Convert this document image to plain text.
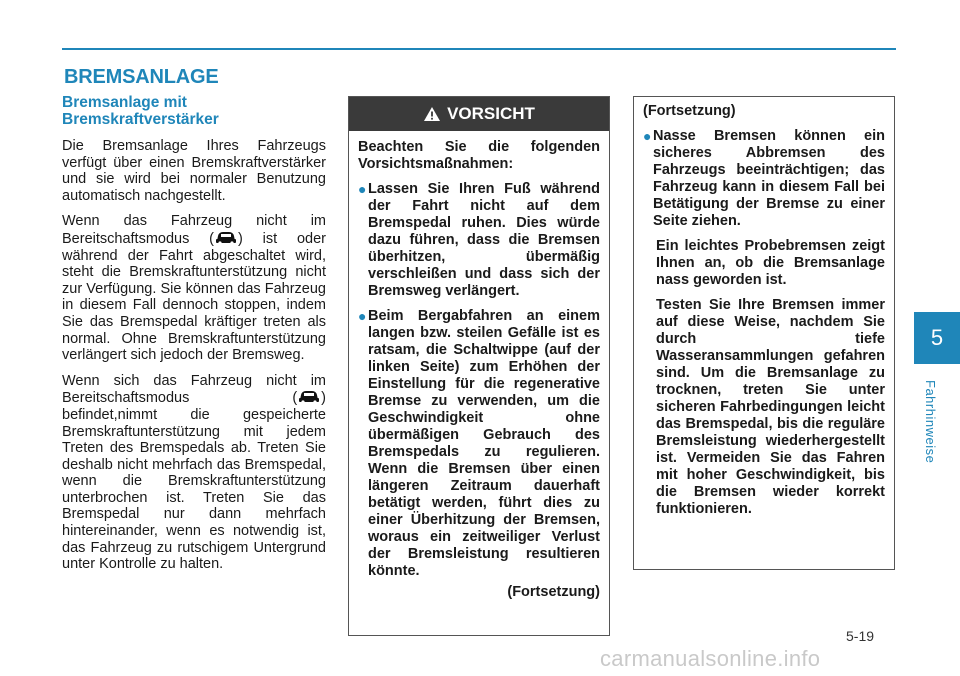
BREMSANLAGE
Bremsanlage mit Bremskraftverstärker

Die Bremsanlage Ihres Fahrzeugs verfügt über einen Bremskraftverstärker und sie wird bei normaler Benutzung automatisch nachgestellt.

Wenn das Fahrzeug nicht im Bereitschaftsmodus ( ) ist oder während der Fahrt abgeschaltet wird, steht die Bremskraftunterstützung nicht zur Verfügung. Sie können das Fahrzeug in diesem Fall dennoch stoppen, indem Sie das Bremspedal kräftiger treten als normal. Ohne Bremskraftunterstützung verlängert sich jedoch der Bremsweg.

Wenn sich das Fahrzeug nicht im Bereitschaftsmodus ( ) befindet,nimmt die gespeicherte Bremskraftunterstützung mit jedem Treten des Bremspedals ab. Treten Sie deshalb nicht mehrfach das Bremspedal, wenn die Bremskraftunterstützung unterbrochen ist. Treten Sie das Bremspedal nur dann mehrfach hintereinander, wenn es notwendig ist, das Fahrzeug zu rutschigem Untergrund unter Kontrolle zu halten.

VORSICHT

Beachten Sie die folgenden Vorsichtsmaßnahmen:

● Lassen Sie Ihren Fuß während der Fahrt nicht auf dem Bremspedal ruhen. Dies würde dazu führen, dass die Bremsen überhitzen, übermäßig verschleißen und dass sich der Bremsweg verlängert.
● Beim Bergabfahren an einem langen bzw. steilen Gefälle ist es ratsam, die Schaltwippe (auf der linken Seite) zum Erhöhen der Einstellung für die regenerative Bremse zu verwenden, um die Geschwindigkeit ohne übermäßigen Gebrauch des Bremspedals zu regulieren. Wenn die Bremsen über einen längeren Zeitraum dauerhaft betätigt werden, führt dies zu einer Überhitzung der Bremsen, woraus ein zeitweiliger Verlust der Bremsleistung resultieren könnte.
(Fortsetzung)

(Fortsetzung)

● Nasse Bremsen können ein sicheres Abbremsen des Fahrzeugs beeinträchtigen; das Fahrzeug kann in diesem Fall bei Betätigung der Bremse zu einer Seite ziehen.

Ein leichtes Probebremsen zeigt Ihnen an, ob die Bremsanlage nass geworden ist.

Testen Sie Ihre Bremsen immer auf diese Weise, nachdem Sie durch tiefe Wasseransammlungen gefahren sind. Um die Bremsanlage zu trocknen, treten Sie unter sicheren Fahrbedingungen leicht das Bremspedal, bis die reguläre Bremsleistung wiederhergestellt ist. Vermeiden Sie das Fahren mit hoher Geschwindigkeit, bis die Bremsen wieder korrekt funktionieren.

5
Fahrhinweise
5-19
carmanualsonline.info
